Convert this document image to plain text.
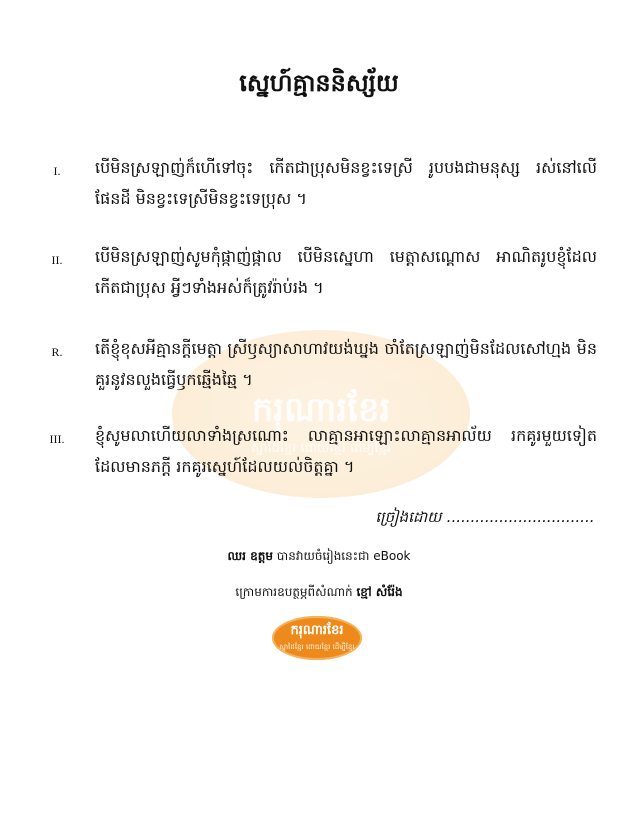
ករុណារខែរ
ស្នាដៃខ្មែរ ដោយខ្មែរ ដើម្បីខ្មែរ
ស្នេហ៍គ្មាននិស្ស័យ
I.	បើមិនស្រឡាញ់ក៏ហើទៅចុះ កើតជាប្រុសមិនខ្វះទេស្រី រូបបងជាមនុស្ស រស់នៅលើផែនដី មិនខ្វះទេស្រីមិនខ្វះទេប្រុស ។
II.	បើមិនស្រឡាញ់សូមកុំផ្កាញ់ផ្កាល បើមិនស្នេហា មេត្តាសណ្ដោស អាណិតរូបខ្ញុំដែលកើតជាប្រុស អ្វីៗទាំងអស់ក៏ត្រូវរ៉ាប់រង ។
R.	តើខ្ញុំខុសអីគ្មានក្ដីមេត្តា ស្រីឫស្យាសាហាវយង់ឃ្នង ចាំតែស្រឡាញ់មិនដែលសៅហ្មង មិនគួរនូវនលួងធ្វើឫកឆ្មើងឆ្មៃ ។
III.	ខ្ញុំសូមលាហើយលាទាំងស្រណោះ លាគ្មានអាឡោះលាគ្មានអាល័យ រកគូរមួយទៀតដែលមានភក្ដី រកគូរស្នេហ៍ដែលយល់ចិត្តគ្នា ។
ច្រៀងដោយ ...............................
ឈរ ឧត្តម បានវាយចំរៀងនេះជា eBook
ក្រោមការឧបត្ថម្ភពីសំណាក់ ខ្មៅ សំរ៉ែង
ករុណារខែរ
ស្នាដៃខ្មែរ ដោយខ្មែរ ដើម្បីខ្មែរ
